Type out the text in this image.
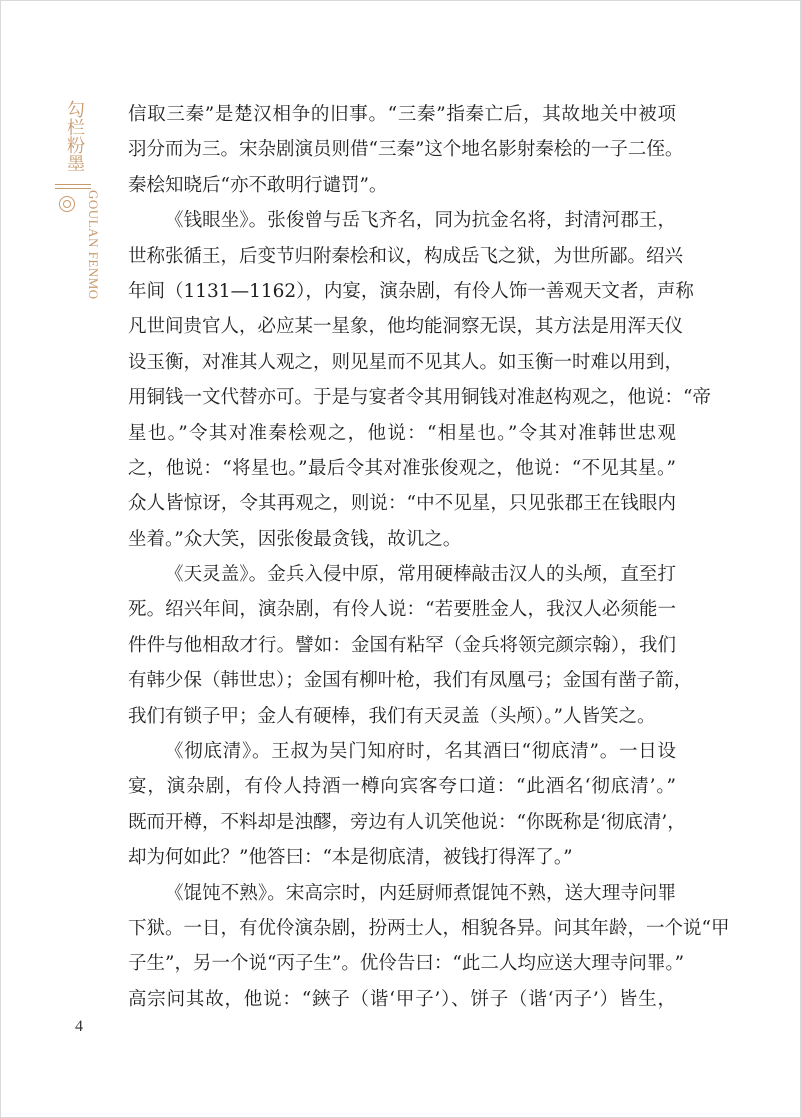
勾栏粉墨
GOULAN FENMO
信取三秦”是楚汉相争的旧事。“三秦”指秦亡后，其故地关中被项
羽分而为三。宋杂剧演员则借“三秦”这个地名影射秦桧的一子二侄。
秦桧知晓后“亦不敢明行谴罚”。
《钱眼坐》。张俊曾与岳飞齐名，同为抗金名将，封清河郡王，
世称张循王，后变节归附秦桧和议，构成岳飞之狱，为世所鄙。绍兴
年间（1131—1162），内宴，演杂剧，有伶人饰一善观天文者，声称
凡世间贵官人，必应某一星象，他均能洞察无误，其方法是用浑天仪
设玉衡，对准其人观之，则见星而不见其人。如玉衡一时难以用到，
用铜钱一文代替亦可。于是与宴者令其用铜钱对准赵构观之，他说：“帝
星也。”令其对准秦桧观之，他说：“相星也。”令其对准韩世忠观
之，他说：“将星也。”最后令其对准张俊观之，他说：“不见其星。”
众人皆惊讶，令其再观之，则说：“中不见星，只见张郡王在钱眼内
坐着。”众大笑，因张俊最贪钱，故讥之。
《天灵盖》。金兵入侵中原，常用硬棒敲击汉人的头颅，直至打
死。绍兴年间，演杂剧，有伶人说：“若要胜金人，我汉人必须能一
件件与他相敌才行。譬如：金国有粘罕（金兵将领完颜宗翰），我们
有韩少保（韩世忠）；金国有柳叶枪，我们有凤凰弓；金国有凿子箭，
我们有锁子甲；金人有硬棒，我们有天灵盖（头颅）。”人皆笑之。
《彻底清》。王叔为吴门知府时，名其酒曰“彻底清”。一日设
宴，演杂剧，有伶人持酒一樽向宾客夸口道：“此酒名‘彻底清’。”
既而开樽，不料却是浊醪，旁边有人讥笑他说：“你既称是‘彻底清’，
却为何如此？”他答曰：“本是彻底清，被钱打得浑了。”
《馄饨不熟》。宋高宗时，内廷厨师煮馄饨不熟，送大理寺问罪
下狱。一日，有优伶演杂剧，扮两士人，相貌各异。问其年龄，一个说“甲
子生”，另一个说“丙子生”。优伶告曰：“此二人均应送大理寺问罪。”
高宗问其故，他说：“鋏子（谐‘甲子’）、饼子（谐‘丙子’）皆生，
4
